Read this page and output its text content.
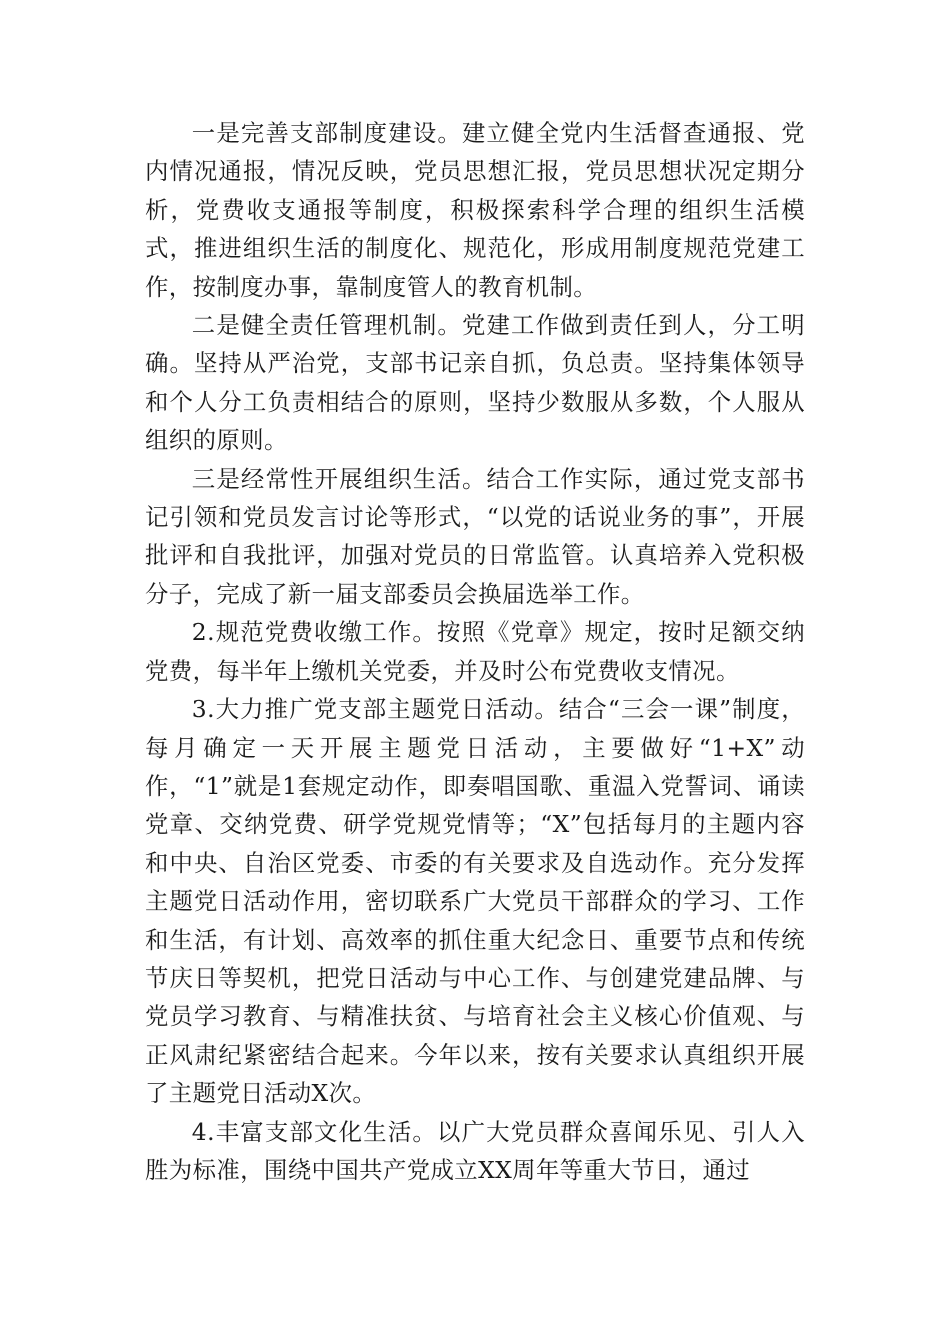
一是完善支部制度建设。建立健全党内生活督查通报、党内情况通报，情况反映，党员思想汇报，党员思想状况定期分析，党费收支通报等制度，积极探索科学合理的组织生活模式，推进组织生活的制度化、规范化，形成用制度规范党建工作，按制度办事，靠制度管人的教育机制。

二是健全责任管理机制。党建工作做到责任到人，分工明确。坚持从严治党，支部书记亲自抓，负总责。坚持集体领导和个人分工负责相结合的原则，坚持少数服从多数，个人服从组织的原则。

三是经常性开展组织生活。结合工作实际，通过党支部书记引领和党员发言讨论等形式，“以党的话说业务的事”，开展批评和自我批评，加强对党员的日常监管。认真培养入党积极分子，完成了新一届支部委员会换届选举工作。

2.规范党费收缴工作。按照《党章》规定，按时足额交纳党费，每半年上缴机关党委，并及时公布党费收支情况。

3.大力推广党支部主题党日活动。结合“三会一课”制度，每月确定一天开展主题党日活动，主要做好“1+X”动作，“1”就是1套规定动作，即奏唱国歌、重温入党誓词、诵读党章、交纳党费、研学党规党情等；“X”包括每月的主题内容和中央、自治区党委、市委的有关要求及自选动作。充分发挥主题党日活动作用，密切联系广大党员干部群众的学习、工作和生活，有计划、高效率的抓住重大纪念日、重要节点和传统节庆日等契机，把党日活动与中心工作、与创建党建品牌、与党员学习教育、与精准扶贫、与培育社会主义核心价值观、与正风肃纪紧密结合起来。今年以来，按有关要求认真组织开展了主题党日活动X次。

4.丰富支部文化生活。以广大党员群众喜闻乐见、引人入胜为标准，围绕中国共产党成立XX周年等重大节日，通过
